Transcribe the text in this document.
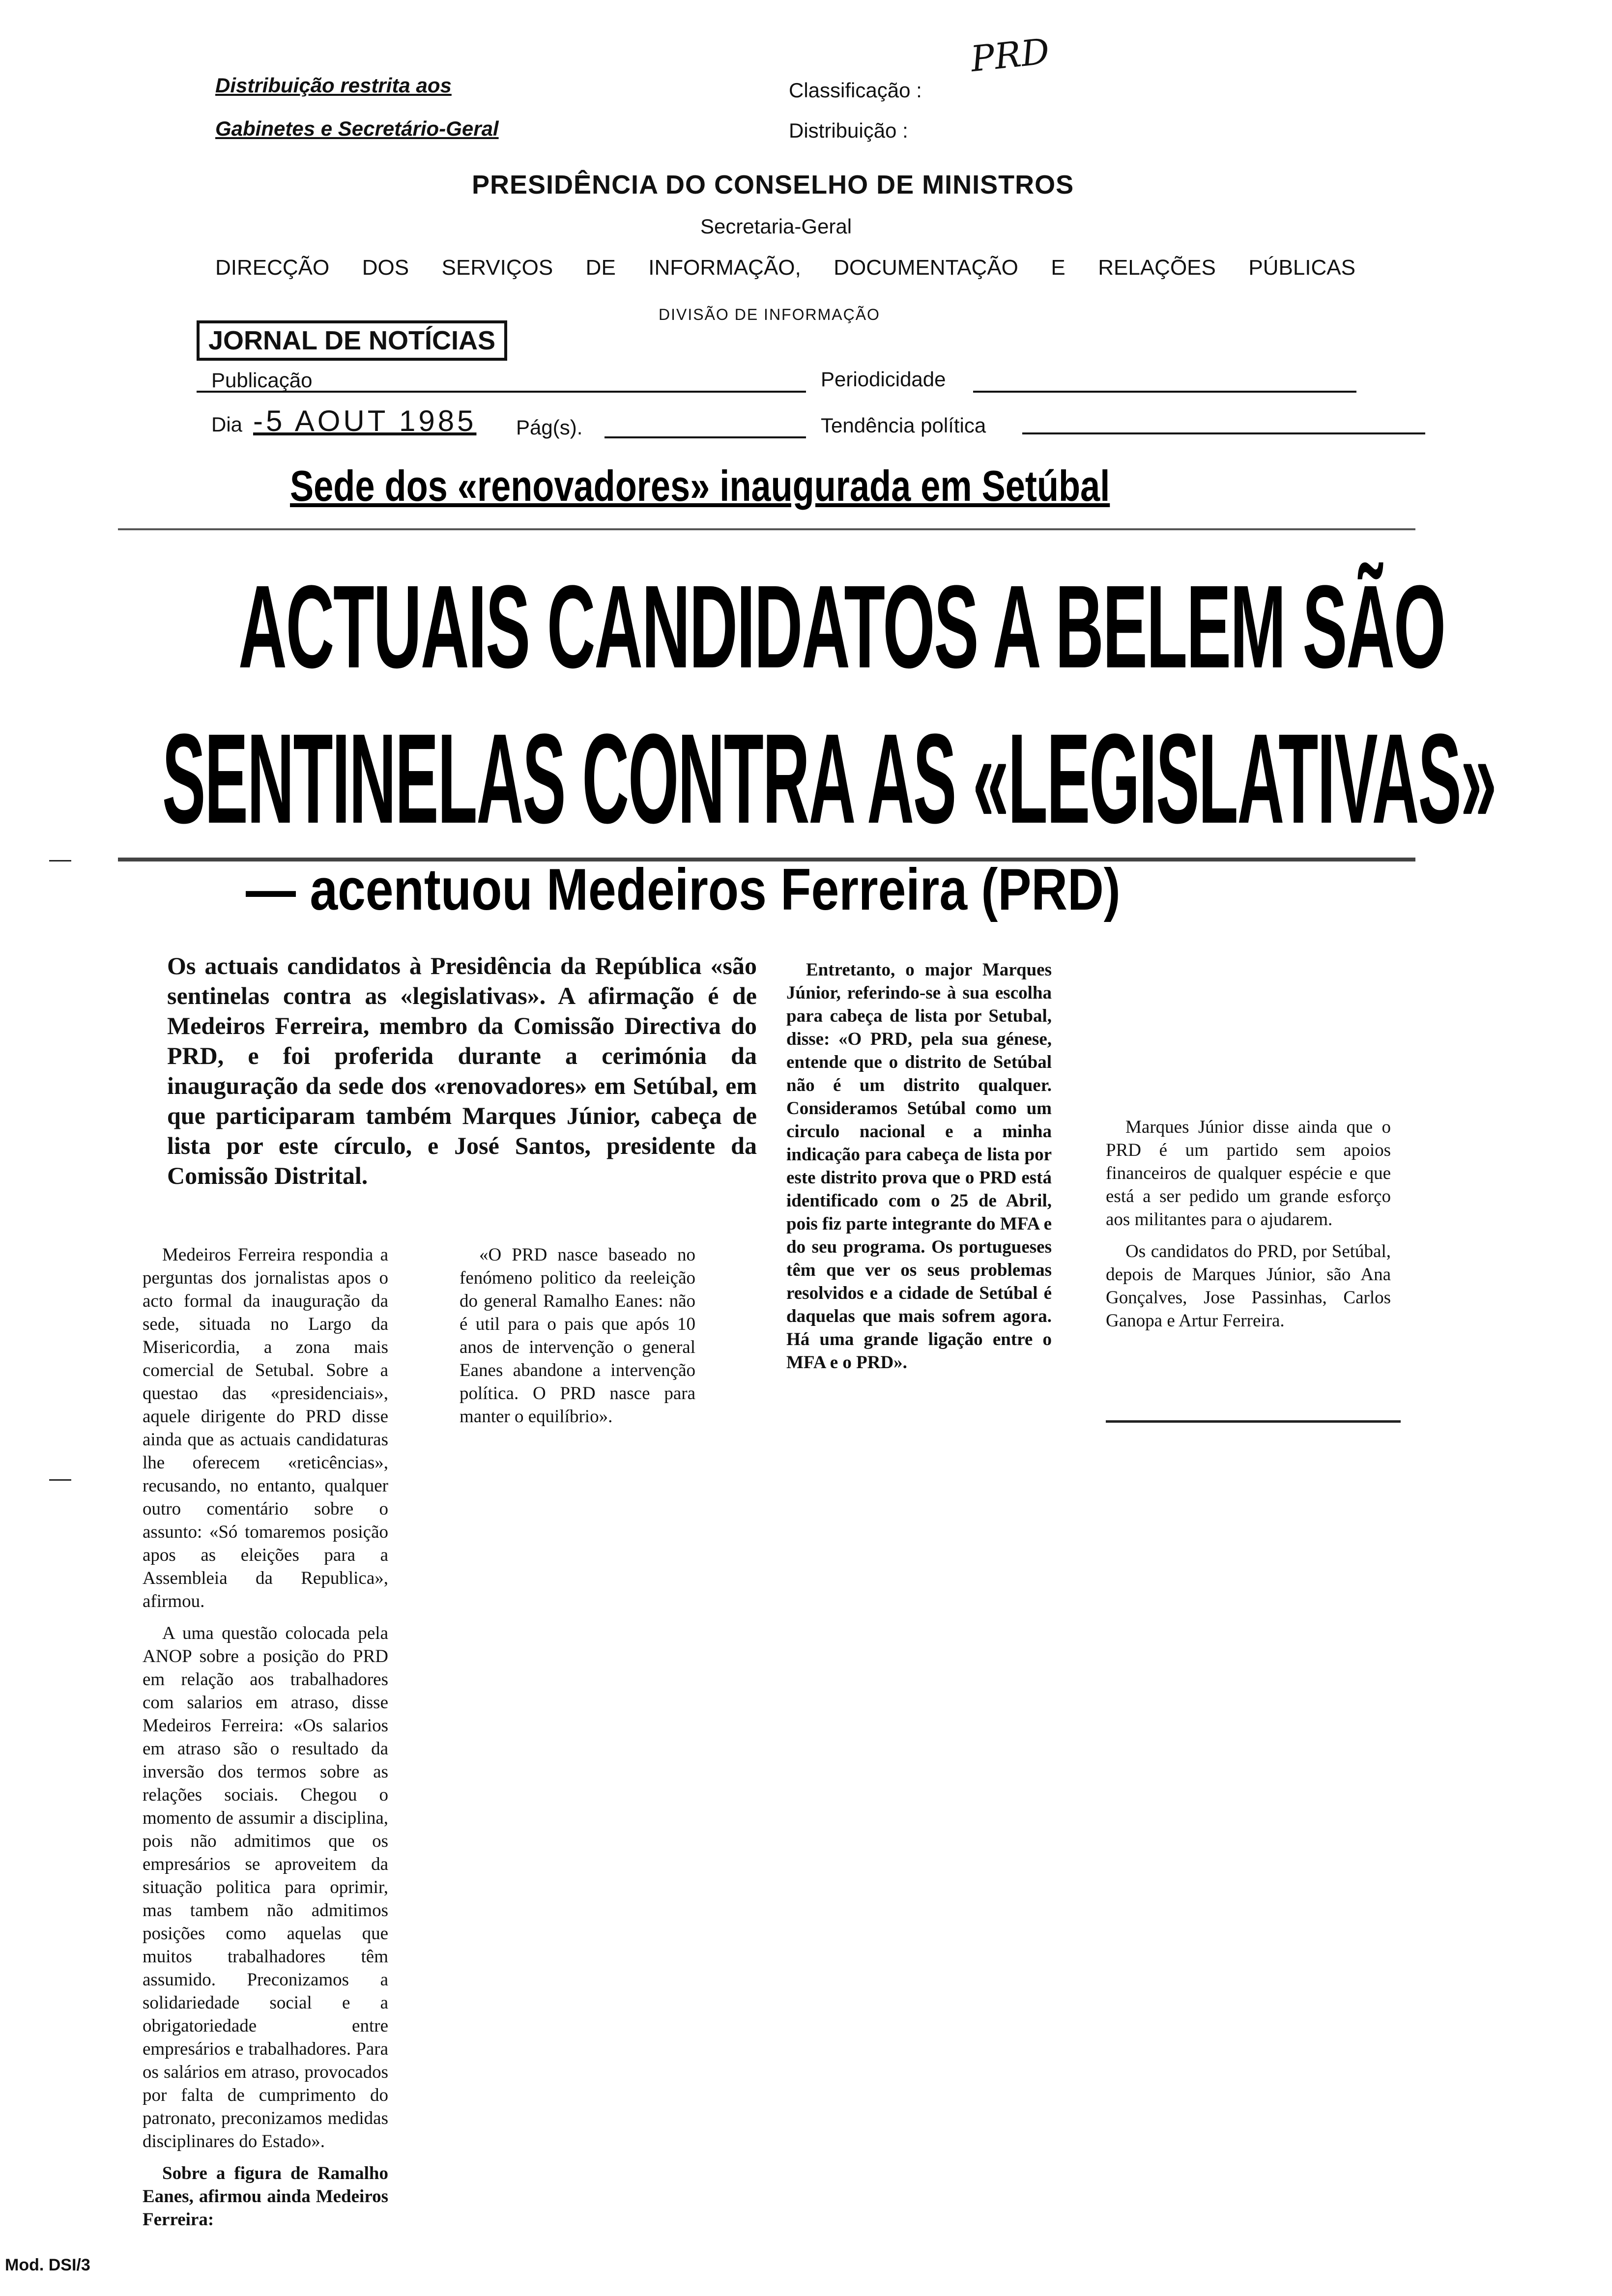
Distribuição restrita aos
Gabinetes e Secretário-Geral
Classificação :
Distribuição :
PRD
PRESIDÊNCIA DO CONSELHO DE MINISTROS
Secretaria-Geral
DIRECÇÃO DOS SERVIÇOS DE INFORMAÇÃO, DOCUMENTAÇÃO E RELAÇÕES PÚBLICAS
DIVISÃO DE INFORMAÇÃO
JORNAL DE NOTÍCIAS
Publicação	Periodicidade
Dia -5 AOUT 1985 Pág(s).	Tendência política
Sede dos «renovadores» inaugurada em Setúbal
ACTUAIS CANDIDATOS A BELEM SÃO
SENTINELAS CONTRA AS «LEGISLATIVAS»
— acentuou Medeiros Ferreira (PRD)
Os actuais candidatos à Presidência da República «são sentinelas contra as «legislativas». A afirmação é de Medeiros Ferreira, membro da Comissão Directiva do PRD, e foi proferida durante a cerimónia da inauguração da sede dos «renovadores» em Setúbal, em que participaram também Marques Júnior, cabeça de lista por este círculo, e José Santos, presidente da Comissão Distrital.

Medeiros Ferreira respondia a perguntas dos jornalistas apos o acto formal da inauguração da sede, situada no Largo da Misericordia, a zona mais comercial de Setubal. Sobre a questao das «presidenciais», aquele dirigente do PRD disse ainda que as actuais candidaturas lhe oferecem «reticências», recusando, no entanto, qualquer outro comentário sobre o assunto: «Só tomaremos posição apos as eleições para a Assembleia da Republica», afirmou.

A uma questão colocada pela ANOP sobre a posição do PRD em relação aos trabalhadores com salarios em atraso, disse Medeiros Ferreira: «Os salarios em atraso são o resultado da inversão dos termos sobre as relações sociais. Chegou o momento de assumir a disciplina, pois não admitimos que os empresários se aproveitem da situação politica para oprimir, mas tambem não admitimos posições como aquelas que muitos trabalhadores têm assumido. Preconizamos a solidariedade social e a obrigatoriedade entre empresários e trabalhadores. Para os salários em atraso, provocados por falta de cumprimento do patronato, preconizamos medidas disciplinares do Estado».

Sobre a figura de Ramalho Eanes, afirmou ainda Medeiros Ferreira:

«O PRD nasce baseado no fenómeno politico da reeleição do general Ramalho Eanes: não é util para o pais que após 10 anos de intervenção o general Eanes abandone a intervenção política. O PRD nasce para manter o equilíbrio».

Entretanto, o major Marques Júnior, referindo-se à sua escolha para cabeça de lista por Setubal, disse: «O PRD, pela sua génese, entende que o distrito de Setúbal não é um distrito qualquer. Consideramos Setúbal como um circulo nacional e a minha indicação para cabeça de lista por este distrito prova que o PRD está identificado com o 25 de Abril, pois fiz parte integrante do MFA e do seu programa. Os portugueses têm que ver os seus problemas resolvidos e a cidade de Setúbal é daquelas que mais sofrem agora. Há uma grande ligação entre o MFA e o PRD».

Marques Júnior disse ainda que o PRD é um partido sem apoios financeiros de qualquer espécie e que está a ser pedido um grande esforço aos militantes para o ajudarem.

Os candidatos do PRD, por Setúbal, depois de Marques Júnior, são Ana Gonçalves, Jose Passinhas, Carlos Ganopa e Artur Ferreira.

Mod. DSI/3
